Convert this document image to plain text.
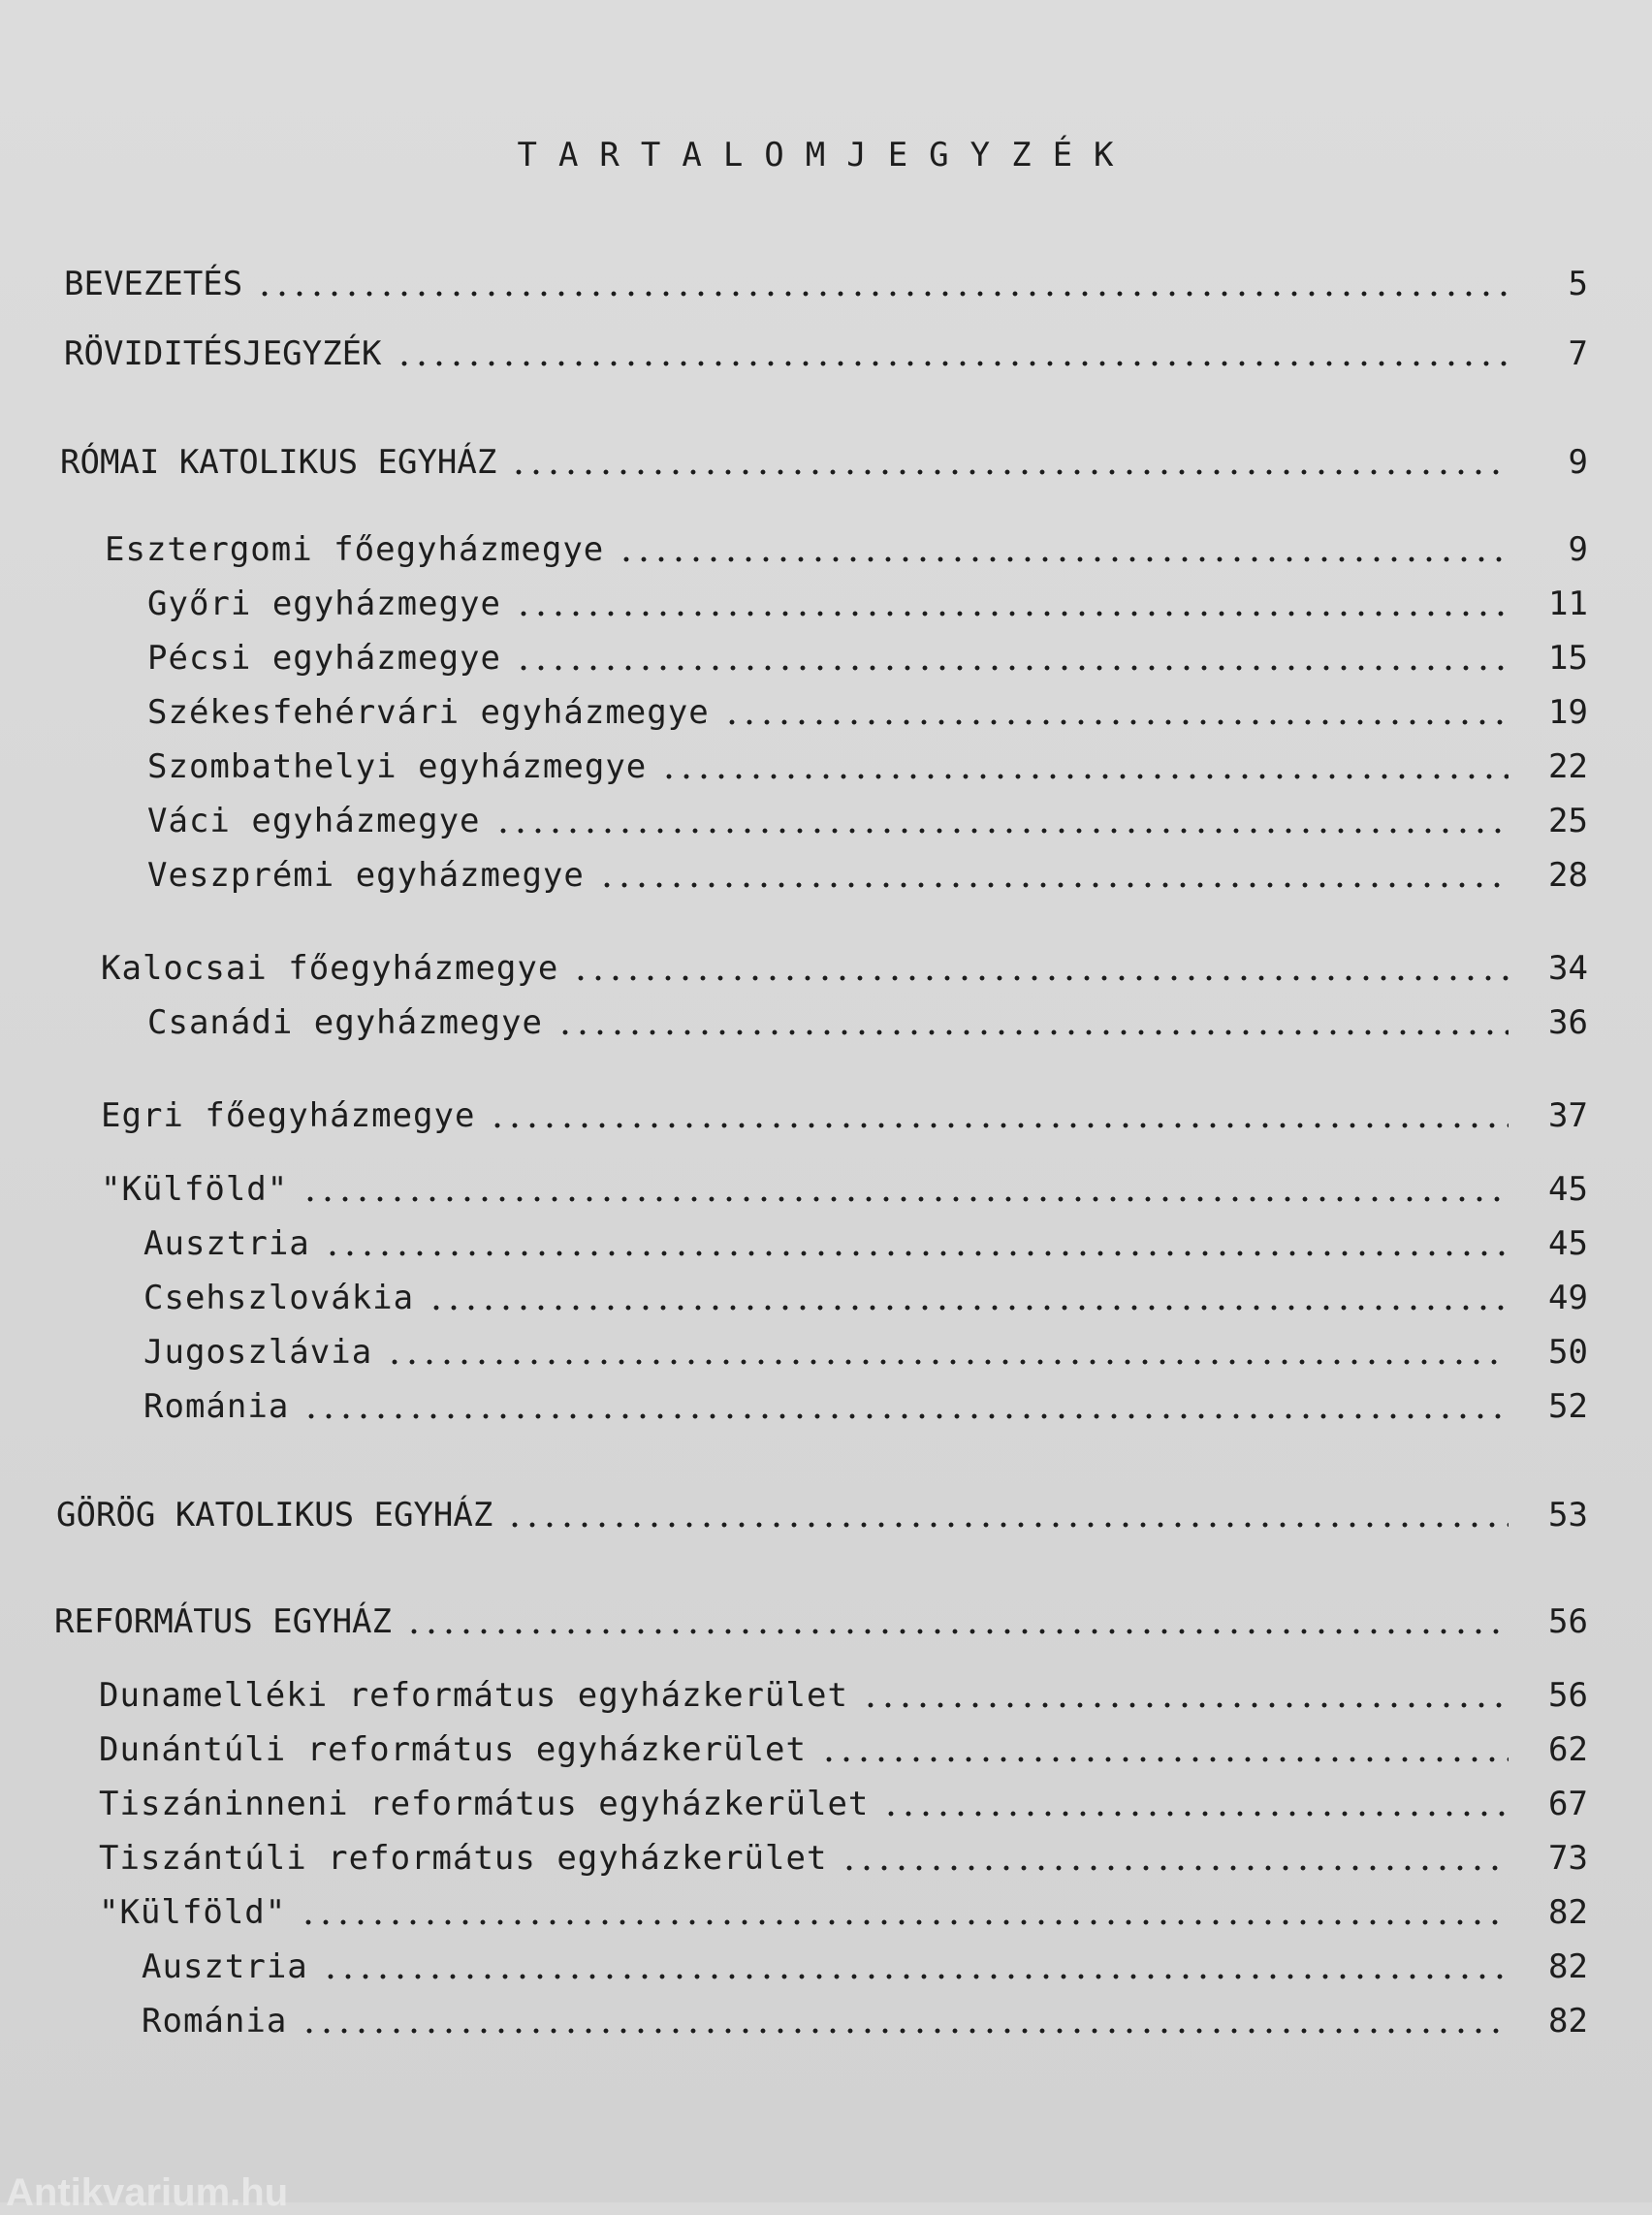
TARTALOMJEGYZÉK
BEVEZETÉS	5
RÖVIDITÉSJEGYZÉK	7
RÓMAI KATOLIKUS EGYHÁZ	9
Esztergomi főegyházmegye	9
Győri egyházmegye	11
Pécsi egyházmegye	15
Székesfehérvári egyházmegye	19
Szombathelyi egyházmegye	22
Váci egyházmegye	25
Veszprémi egyházmegye	28
Kalocsai főegyházmegye	34
Csanádi egyházmegye	36
Egri főegyházmegye	37
"Külföld"	45
Ausztria	45
Csehszlovákia	49
Jugoszlávia	50
Románia	52
GÖRÖG KATOLIKUS EGYHÁZ	53
REFORMÁTUS EGYHÁZ	56
Dunamelléki református egyházkerület	56
Dunántúli református egyházkerület	62
Tiszáninneni református egyházkerület	67
Tiszántúli református egyházkerület	73
"Külföld"	82
Ausztria	82
Románia	82
Antikvarium.hu
